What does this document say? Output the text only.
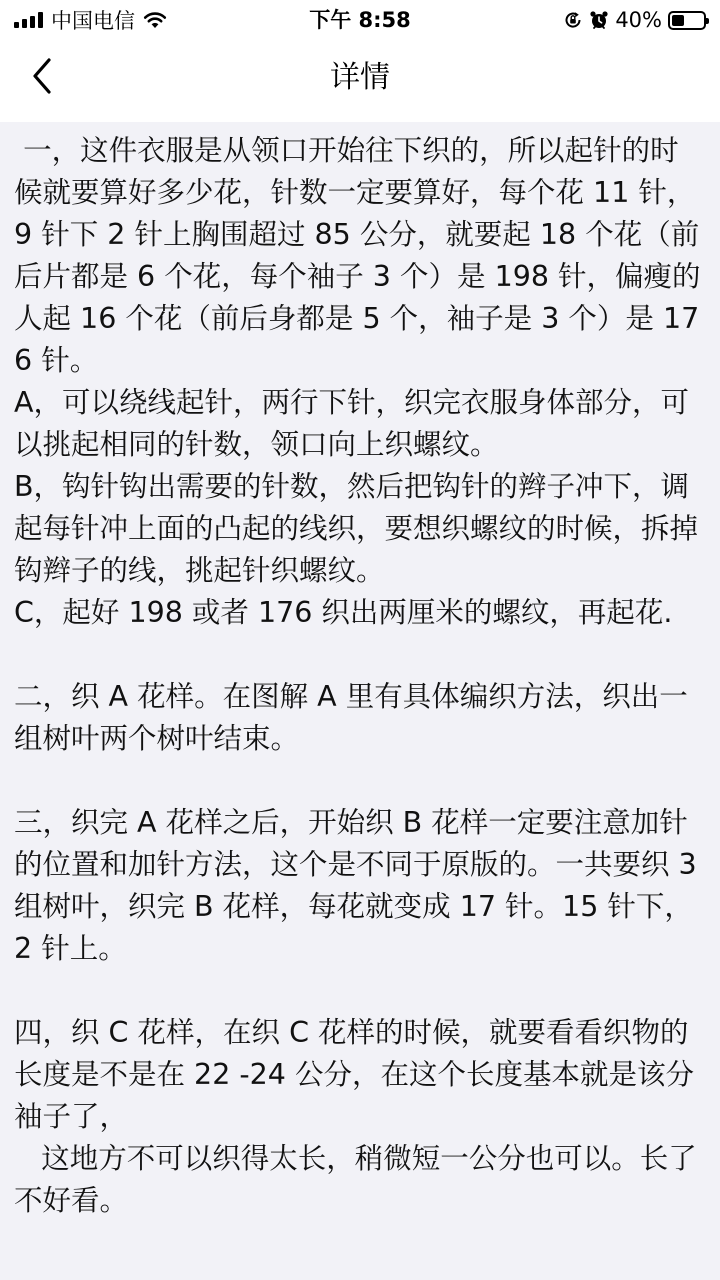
中国电信	下午 8:58	40%
详情

一，这件衣服是从领口开始往下织的，所以起针的时候就要算好多少花，针数一定要算好，每个花 11 针，9 针下 2 针上胸围超过 85 公分，就要起 18 个花（前后片都是 6 个花，每个袖子 3 个）是 198 针，偏瘦的人起 16 个花（前后身都是 5 个，袖子是 3 个）是 176 针。

A，可以绕线起针，两行下针，织完衣服身体部分，可以挑起相同的针数，领口向上织螺纹。

B，钩针钩出需要的针数，然后把钩针的辫子冲下，调起每针冲上面的凸起的线织，要想织螺纹的时候，拆掉钩辫子的线，挑起针织螺纹。

C，起好 198 或者 176 织出两厘米的螺纹，再起花.

二，织 A 花样。在图解 A 里有具体编织方法，织出一组树叶两个树叶结束。

三，织完 A 花样之后，开始织 B 花样一定要注意加针的位置和加针方法，这个是不同于原版的。一共要织 3 组树叶，织完 B 花样，每花就变成 17 针。15 针下，2 针上。

四，织 C 花样，在织 C 花样的时候，就要看看织物的长度是不是在 22 -24 公分，在这个长度基本就是该分袖子了，

这地方不可以织得太长，稍微短一公分也可以。长了不好看。
